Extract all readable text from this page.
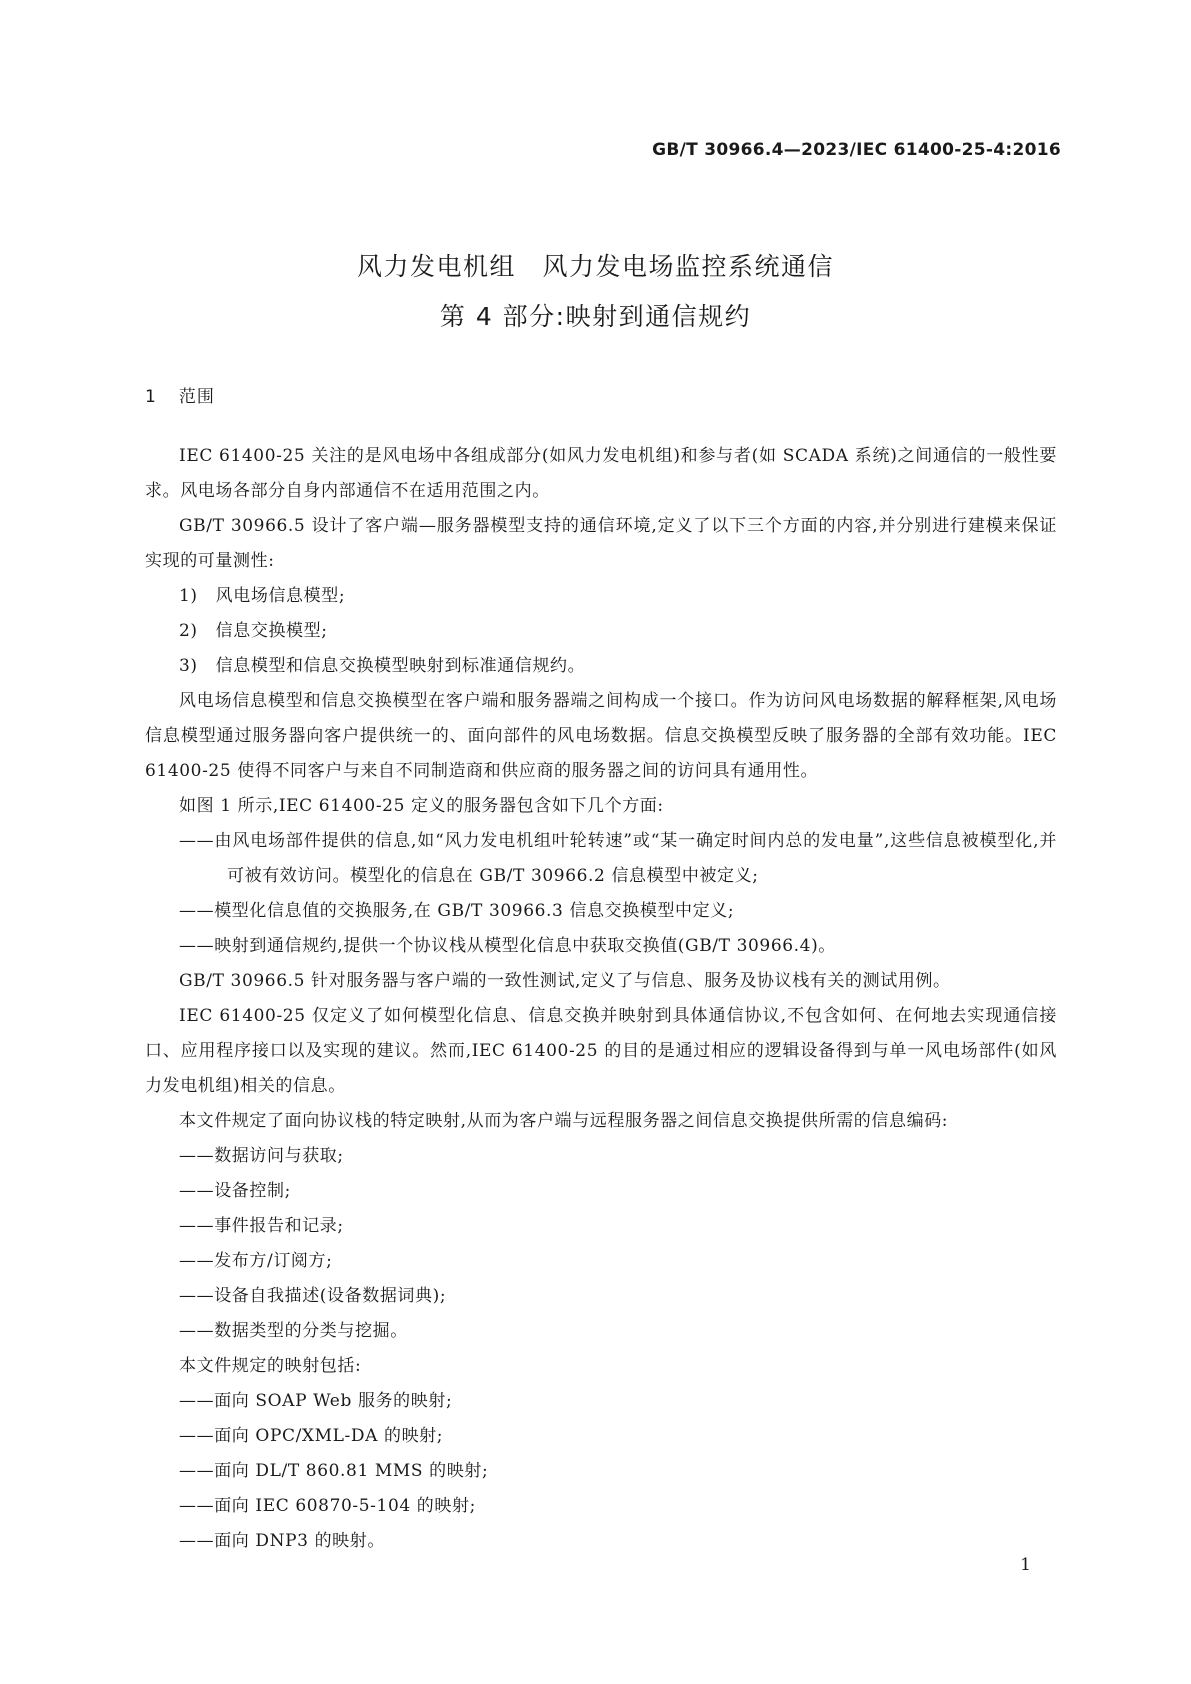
GB/T 30966.4—2023/IEC 61400-25-4:2016
风力发电机组　风力发电场监控系统通信
第 4 部分:映射到通信规约
1 范围

IEC 61400-25 关注的是风电场中各组成部分(如风力发电机组)和参与者(如 SCADA 系统)之间通信的一般性要求。风电场各部分自身内部通信不在适用范围之内。

GB/T 30966.5 设计了客户端—服务器模型支持的通信环境,定义了以下三个方面的内容,并分别进行建模来保证实现的可量测性:

1) 风电场信息模型;
2) 信息交换模型;
3) 信息模型和信息交换模型映射到标准通信规约。

风电场信息模型和信息交换模型在客户端和服务器端之间构成一个接口。作为访问风电场数据的解释框架,风电场信息模型通过服务器向客户提供统一的、面向部件的风电场数据。信息交换模型反映了服务器的全部有效功能。IEC 61400-25 使得不同客户与来自不同制造商和供应商的服务器之间的访问具有通用性。

如图 1 所示,IEC 61400-25 定义的服务器包含如下几个方面:

——由风电场部件提供的信息,如“风力发电机组叶轮转速”或“某一确定时间内总的发电量”,这些信息被模型化,并可被有效访问。模型化的信息在 GB/T 30966.2 信息模型中被定义;
——模型化信息值的交换服务,在 GB/T 30966.3 信息交换模型中定义;
——映射到通信规约,提供一个协议栈从模型化信息中获取交换值(GB/T 30966.4)。

GB/T 30966.5 针对服务器与客户端的一致性测试,定义了与信息、服务及协议栈有关的测试用例。

IEC 61400-25 仅定义了如何模型化信息、信息交换并映射到具体通信协议,不包含如何、在何地去实现通信接口、应用程序接口以及实现的建议。然而,IEC 61400-25 的目的是通过相应的逻辑设备得到与单一风电场部件(如风力发电机组)相关的信息。

本文件规定了面向协议栈的特定映射,从而为客户端与远程服务器之间信息交换提供所需的信息编码:

——数据访问与获取;
——设备控制;
——事件报告和记录;
——发布方/订阅方;
——设备自我描述(设备数据词典);
——数据类型的分类与挖掘。

本文件规定的映射包括:

——面向 SOAP Web 服务的映射;
——面向 OPC/XML-DA 的映射;
——面向 DL/T 860.81 MMS 的映射;
——面向 IEC 60870-5-104 的映射;
——面向 DNP3 的映射。
1
